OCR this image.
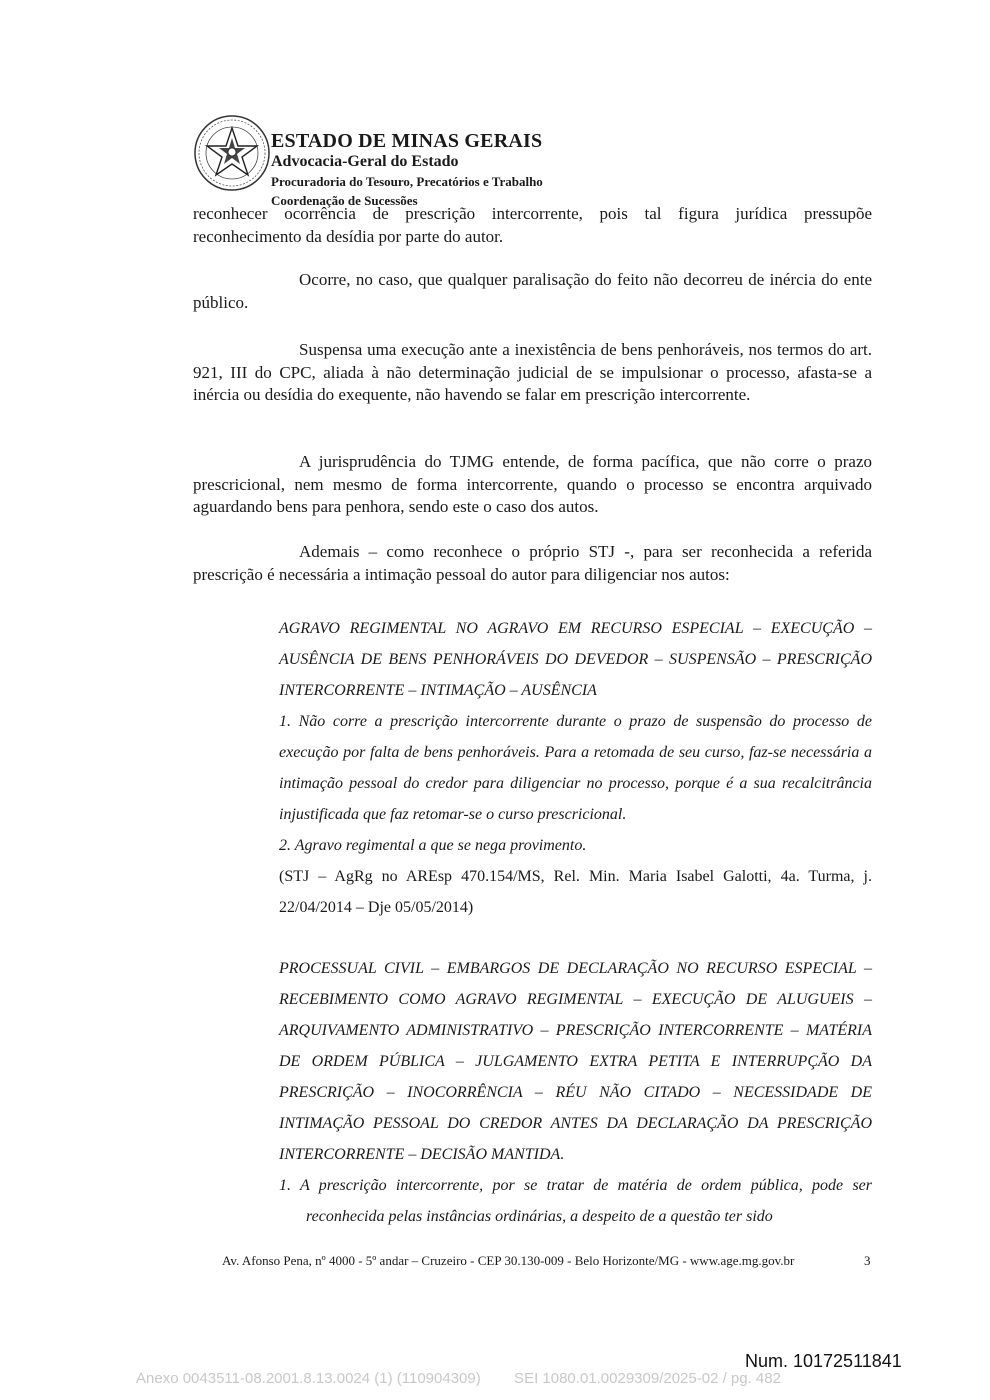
ESTADO DE MINAS GERAIS
Advocacia-Geral do Estado
Procuradoria do Tesouro, Precatórios e Trabalho
Coordenação de Sucessões
reconhecer ocorrência de prescrição intercorrente, pois tal figura jurídica pressupõe reconhecimento da desídia por parte do autor.
Ocorre, no caso, que qualquer paralisação do feito não decorreu de inércia do ente público.
Suspensa uma execução ante a inexistência de bens penhoráveis, nos termos do art. 921, III do CPC, aliada à não determinação judicial de se impulsionar o processo, afasta-se a inércia ou desídia do exequente, não havendo se falar em prescrição intercorrente.
A jurisprudência do TJMG entende, de forma pacífica, que não corre o prazo prescricional, nem mesmo de forma intercorrente, quando o processo se encontra arquivado aguardando bens para penhora, sendo este o caso dos autos.
Ademais – como reconhece o próprio STJ -, para ser reconhecida a referida prescrição é necessária a intimação pessoal do autor para diligenciar nos autos:
AGRAVO REGIMENTAL NO AGRAVO EM RECURSO ESPECIAL – EXECUÇÃO – AUSÊNCIA DE BENS PENHORÁVEIS DO DEVEDOR – SUSPENSÃO – PRESCRIÇÃO INTERCORRENTE – INTIMAÇÃO – AUSÊNCIA
1. Não corre a prescrição intercorrente durante o prazo de suspensão do processo de execução por falta de bens penhoráveis. Para a retomada de seu curso, faz-se necessária a intimação pessoal do credor para diligenciar no processo, porque é a sua recalcitrância injustificada que faz retomar-se o curso prescricional.
2. Agravo regimental a que se nega provimento.
(STJ – AgRg no AREsp 470.154/MS, Rel. Min. Maria Isabel Galotti, 4a. Turma, j. 22/04/2014 – Dje 05/05/2014)
PROCESSUAL CIVIL – EMBARGOS DE DECLARAÇÃO NO RECURSO ESPECIAL – RECEBIMENTO COMO AGRAVO REGIMENTAL – EXECUÇÃO DE ALUGUEIS – ARQUIVAMENTO ADMINISTRATIVO – PRESCRIÇÃO INTERCORRENTE – MATÉRIA DE ORDEM PÚBLICA – JULGAMENTO EXTRA PETITA E INTERRUPÇÃO DA PRESCRIÇÃO – INOCORRÊNCIA – RÉU NÃO CITADO – NECESSIDADE DE INTIMAÇÃO PESSOAL DO CREDOR ANTES DA DECLARAÇÃO DA PRESCRIÇÃO INTERCORRENTE – DECISÃO MANTIDA.
1. A prescrição intercorrente, por se tratar de matéria de ordem pública, pode ser reconhecida pelas instâncias ordinárias, a despeito de a questão ter sido
Av. Afonso Pena, nº 4000 - 5º andar – Cruzeiro - CEP 30.130-009 - Belo Horizonte/MG - www.age.mg.gov.br	3
Num. 10172511841
Anexo 0043511-08.2001.8.13.0024 (1) (110904309)        SEI 1080.01.0029309/2025-02 / pg. 482
